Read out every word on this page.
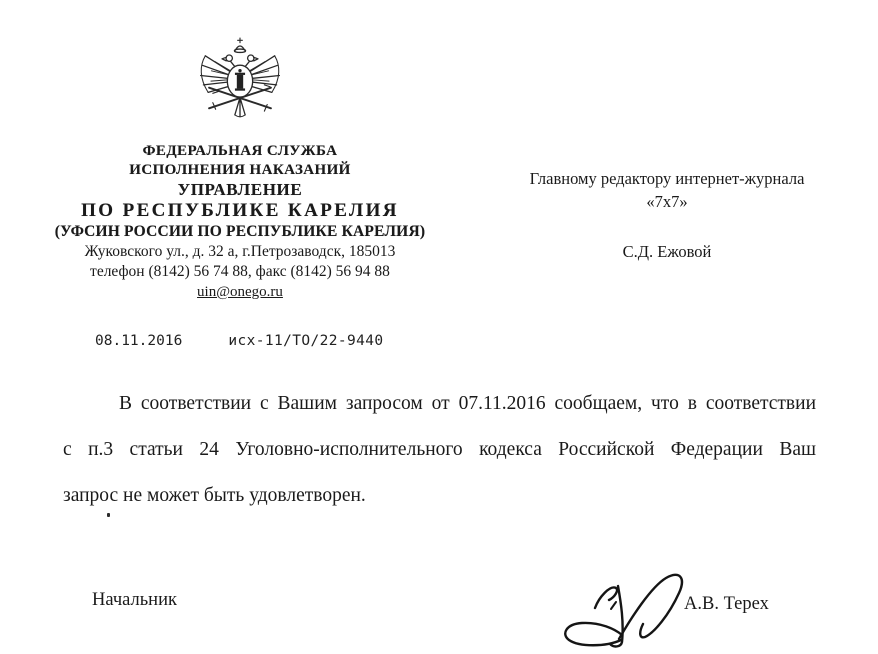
ФЕДЕРАЛЬНАЯ СЛУЖБА
ИСПОЛНЕНИЯ НАКАЗАНИЙ
УПРАВЛЕНИЕ
ПО РЕСПУБЛИКЕ КАРЕЛИЯ
(УФСИН РОССИИ ПО РЕСПУБЛИКЕ КАРЕЛИЯ)
Жуковского ул., д. 32 а, г.Петрозаводск, 185013
телефон (8142) 56 74 88, факс (8142) 56 94 88
uin@onego.ru
Главному редактору интернет-журнала
«7х7»
С.Д. Ежовой
08.11.2016	исх-11/ТО/22-9440
В соответствии с Вашим запросом от 07.11.2016 сообщаем, что в соответствии
с п.3 статьи 24 Уголовно-исполнительного кодекса Российской Федерации Ваш
запрос не может быть удовлетворен.
Начальник	А.В. Терех
